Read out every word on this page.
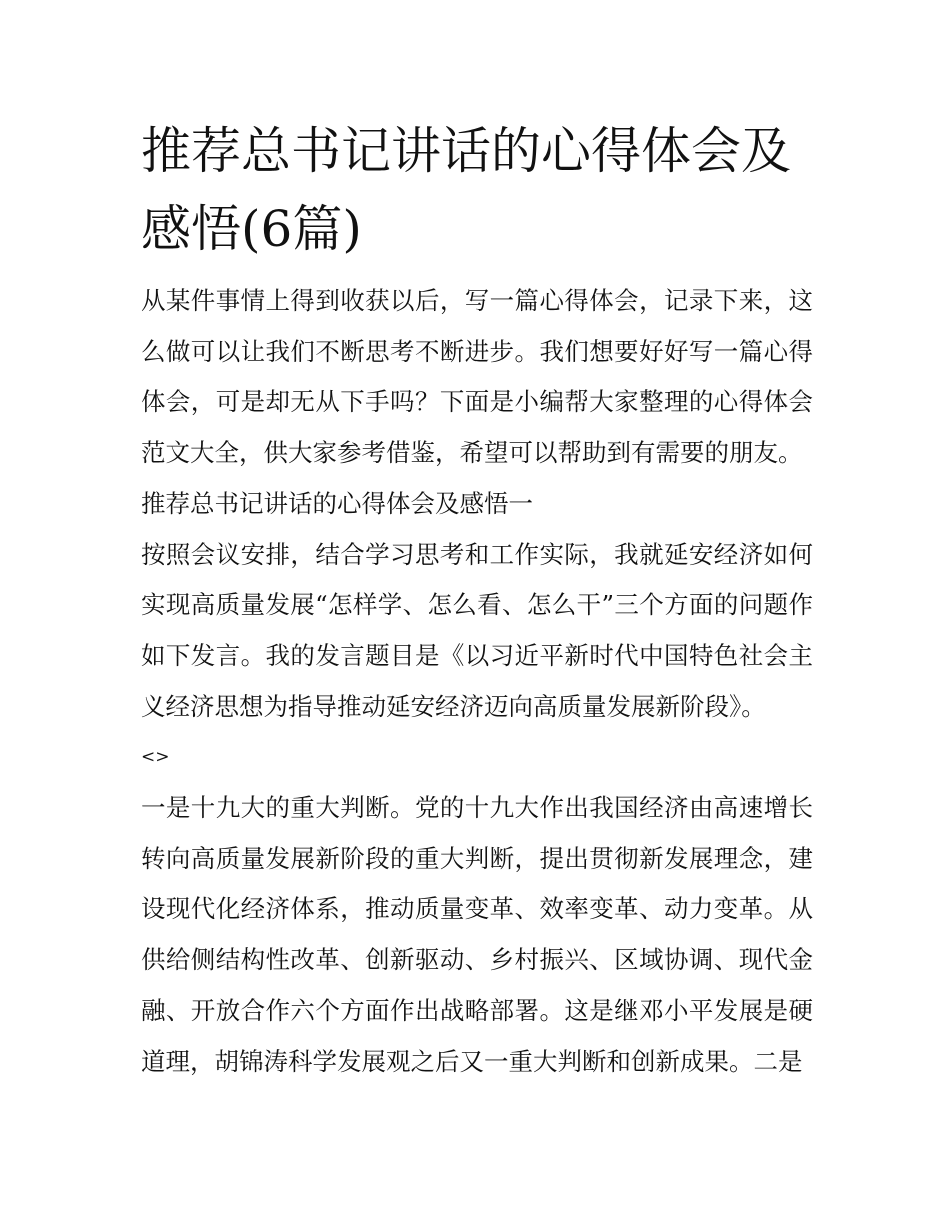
推荐总书记讲话的心得体会及感悟(6篇)

从某件事情上得到收获以后，写一篇心得体会，记录下来，这么做可以让我们不断思考不断进步。我们想要好好写一篇心得体会，可是却无从下手吗？下面是小编帮大家整理的心得体会范文大全，供大家参考借鉴，希望可以帮助到有需要的朋友。

推荐总书记讲话的心得体会及感悟一

按照会议安排，结合学习思考和工作实际，我就延安经济如何实现高质量发展“怎样学、怎么看、怎么干”三个方面的问题作如下发言。我的发言题目是《以习近平新时代中国特色社会主义经济思想为指导推动延安经济迈向高质量发展新阶段》。

<>

一是十九大的重大判断。党的十九大作出我国经济由高速增长转向高质量发展新阶段的重大判断，提出贯彻新发展理念，建设现代化经济体系，推动质量变革、效率变革、动力变革。从供给侧结构性改革、创新驱动、乡村振兴、区域协调、现代金融、开放合作六个方面作出战略部署。这是继邓小平发展是硬道理，胡锦涛科学发展观之后又一重大判断和创新成果。二是
